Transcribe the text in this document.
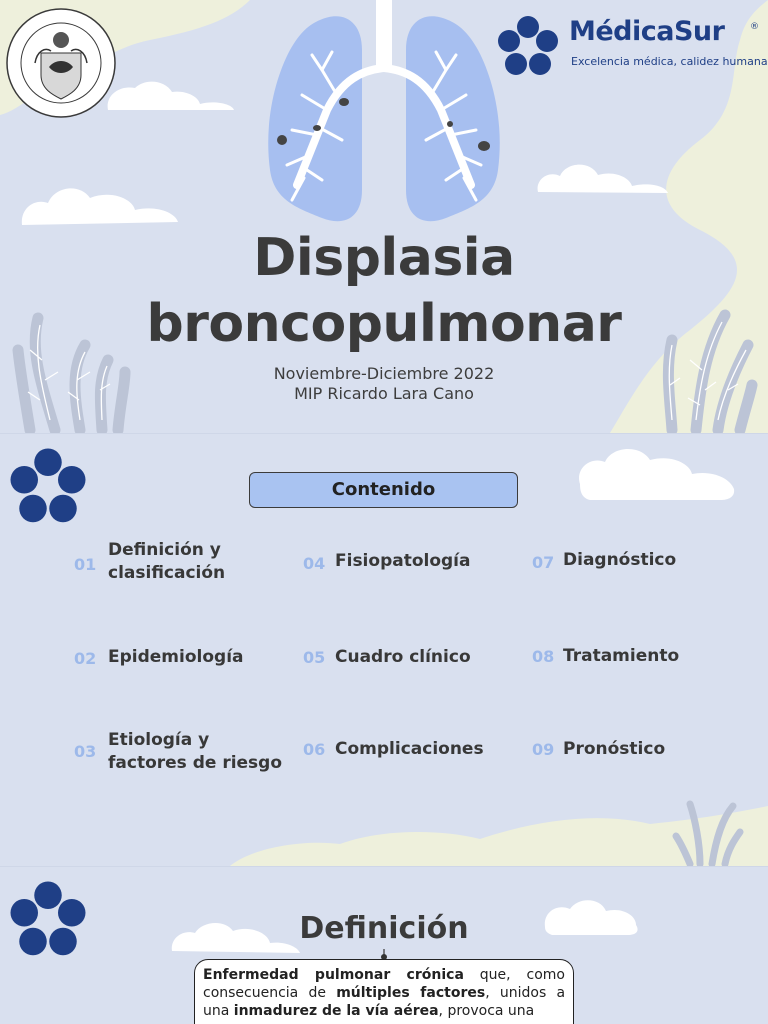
MédicaSur	®
Excelencia médica, calidez humana
Displasia
broncopulmonar
Noviembre-Diciembre 2022
MIP Ricardo Lara Cano
Contenido
01
Definición y
clasificación
02 Epidemiología
03
Etiología y
factores de riesgo
04 Fisiopatología
05 Cuadro clínico
06 Complicaciones
07 Diagnóstico
08 Tratamiento
09 Pronóstico
Definición
Enfermedad pulmonar crónica que, como consecuencia de múltiples factores, unidos a una inmadurez de la vía aérea, provoca una
